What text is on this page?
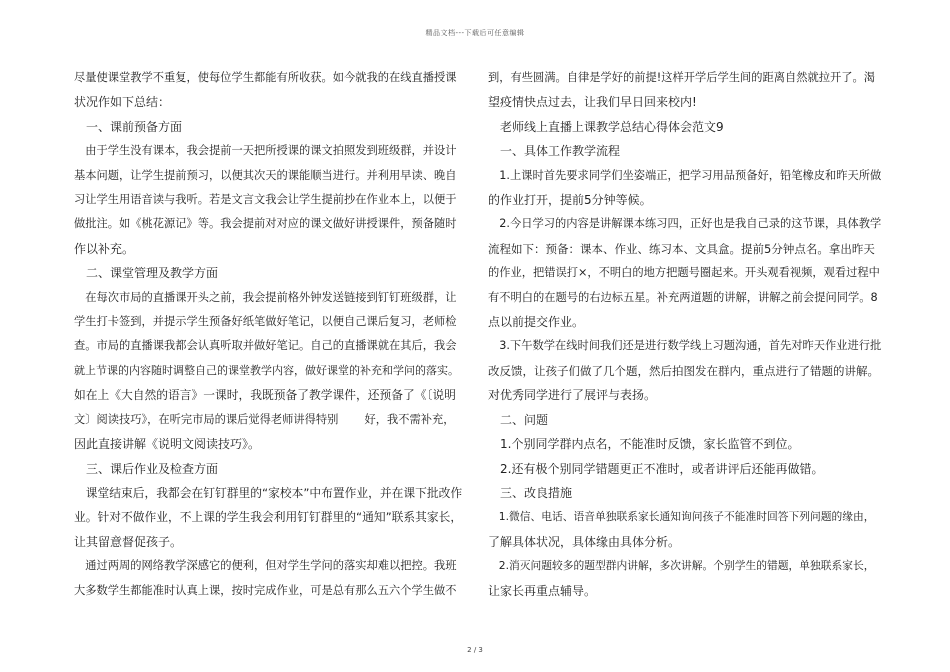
精品文档---下载后可任意编辑

尽量使课堂教学不重复，使每位学生都能有所收获。如今就我的在线直播授课

状况作如下总结：

　一、课前预备方面

　由于学生没有课本，我会提前一天把所授课的课文拍照发到班级群，并设计

基本问题，让学生提前预习，以便其次天的课能顺当进行。并利用早读、晚自

习让学生用语音读与我听。若是文言文我会让学生提前抄在作业本上，以便于

做批注。如《桃花源记》等。我会提前对对应的课文做好讲授课件，预备随时

作以补充。

　二、课堂管理及教学方面

　在每次市局的直播课开头之前，我会提前格外钟发送链接到钉钉班级群，让

学生打卡签到，并提示学生预备好纸笔做好笔记，以便自己课后复习，老师检

查。市局的直播课我都会认真听取并做好笔记。自己的直播课就在其后，我会

就上节课的内容随时调整自己的课堂教学内容，做好课堂的补充和学问的落实。

如在上《大自然的语言》一课时，我既预备了教学课件，还预备了《〔说明

文〕阅读技巧》，在听完市局的课后觉得老师讲得特别　　 好，我不需补充，

因此直接讲解《说明文阅读技巧》。

　三、课后作业及检查方面

　课堂结束后，我都会在钉钉群里的“家校本”中布置作业，并在课下批改作

业。针对不做作业，不上课的学生我会利用钉钉群里的“通知”联系其家长，

让其留意督促孩子。

　通过两周的网络教学深感它的便利，但对学生学问的落实却难以把控。我班

大多数学生都能准时认真上课，按时完成作业，可是总有那么五六个学生做不

到，有些圆满。自律是学好的前提!这样开学后学生间的距离自然就拉开了。渴

望疫情快点过去，让我们早日回来校内!

　老师线上直播上课教学总结心得体会范文9

　一、具体工作教学流程

　1.上课时首先要求同学们坐姿端正，把学习用品预备好，铅笔橡皮和昨天所做

的作业打开，提前5分钟等候。

　2.今日学习的内容是讲解课本练习四，正好也是我自己录的这节课，具体教学

流程如下：预备：课本、作业、练习本、文具盒。提前5分钟点名。拿出昨天

的作业，把错误打×，不明白的地方把题号圈起来。开头观看视频，观看过程中

有不明白的在题号的右边标五星。补充两道题的讲解，讲解之前会提问同学。8

点以前提交作业。

　3.下午数学在线时间我们还是进行数学线上习题沟通，首先对昨天作业进行批

改反馈，让孩子们做了几个题，然后拍图发在群内，重点进行了错题的讲解。

对优秀同学进行了展评与表扬。

　二、问题

　1.个别同学群内点名，不能准时反馈，家长监管不到位。

　2.还有极个别同学错题更正不准时，或者讲评后还能再做错。

　三、改良措施

　1.微信、电话、语音单独联系家长通知询问孩子不能准时回答下列问题的缘由，

了解具体状况，具体缘由具体分析。

　2.消灭问题较多的题型群内讲解，多次讲解。个别学生的错题，单独联系家长，

让家长再重点辅导。

2 / 3
